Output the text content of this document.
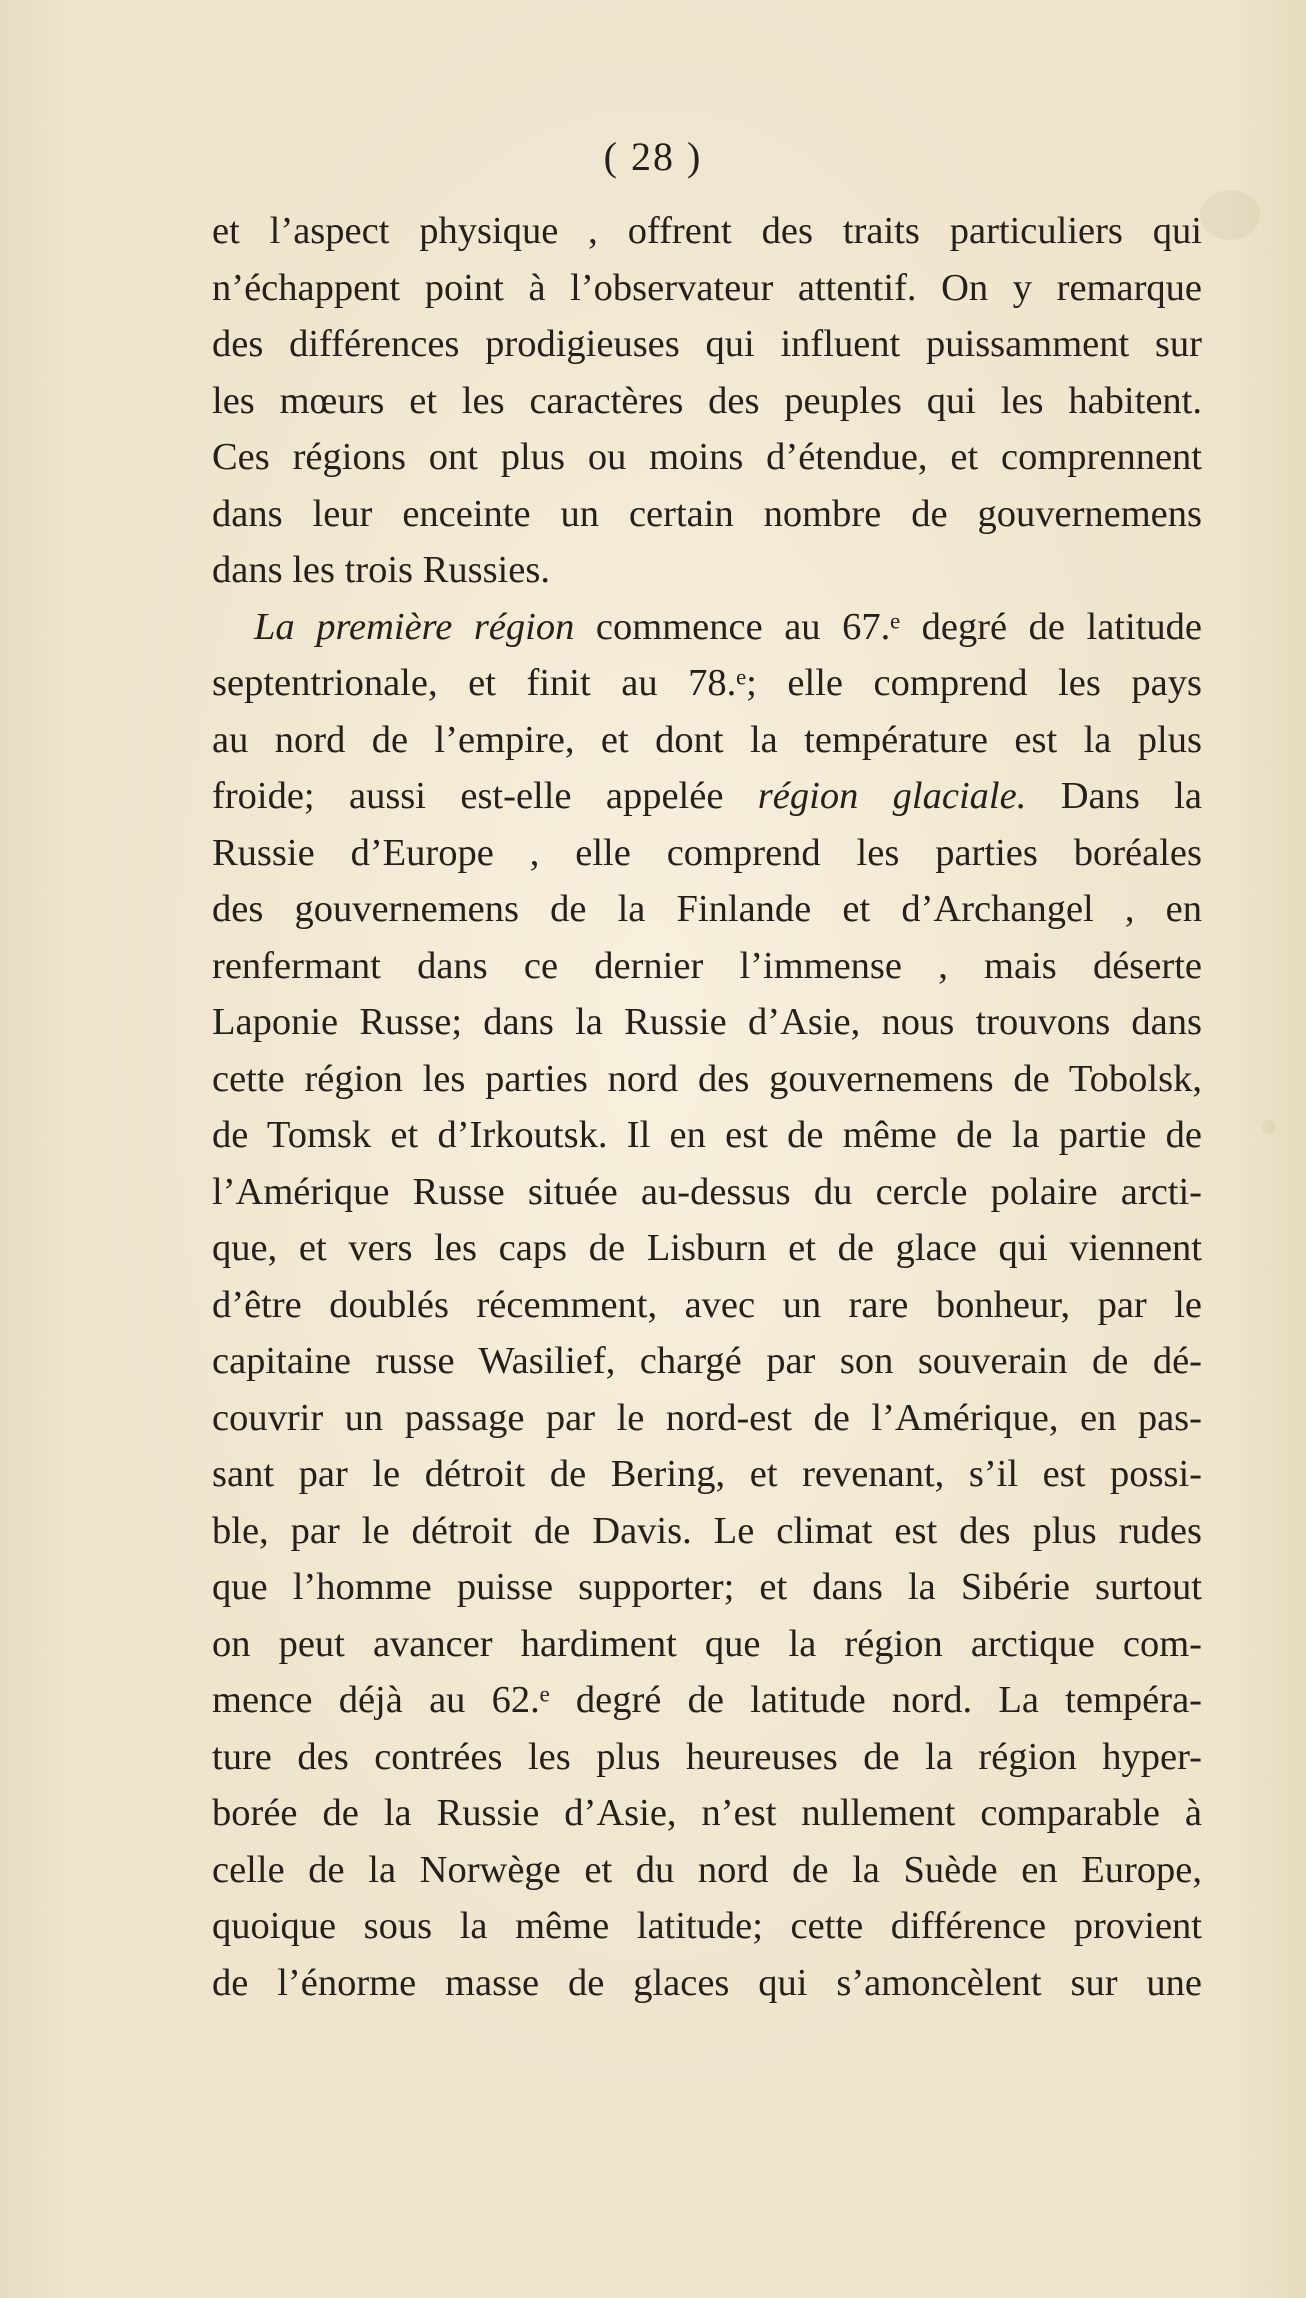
( 28 )
et l’aspect physique , offrent des traits particuliers qui
n’échappent point à l’observateur attentif. On y remarque
des différences prodigieuses qui influent puissamment sur
les mœurs et les caractères des peuples qui les habitent.
Ces régions ont plus ou moins d’étendue, et comprennent
dans leur enceinte un certain nombre de gouvernemens
dans les trois Russies.
La première région commence au 67.ᵉ degré de latitude
septentrionale, et finit au 78.ᵉ; elle comprend les pays
au nord de l’empire, et dont la température est la plus
froide; aussi est-elle appelée région glaciale. Dans la
Russie d’Europe , elle comprend les parties boréales
des gouvernemens de la Finlande et d’Archangel , en
renfermant dans ce dernier l’immense , mais déserte
Laponie Russe; dans la Russie d’Asie, nous trouvons dans
cette région les parties nord des gouvernemens de Tobolsk,
de Tomsk et d’Irkoutsk. Il en est de même de la partie de
l’Amérique Russe située au-dessus du cercle polaire arcti-
que, et vers les caps de Lisburn et de glace qui viennent
d’être doublés récemment, avec un rare bonheur, par le
capitaine russe Wasilief, chargé par son souverain de dé-
couvrir un passage par le nord-est de l’Amérique, en pas-
sant par le détroit de Bering, et revenant, s’il est possi-
ble, par le détroit de Davis. Le climat est des plus rudes
que l’homme puisse supporter; et dans la Sibérie surtout
on peut avancer hardiment que la région arctique com-
mence déjà au 62.ᵉ degré de latitude nord. La tempéra-
ture des contrées les plus heureuses de la région hyper-
borée de la Russie d’Asie, n’est nullement comparable à
celle de la Norwège et du nord de la Suède en Europe,
quoique sous la même latitude; cette différence provient
de l’énorme masse de glaces qui s’amoncèlent sur une
